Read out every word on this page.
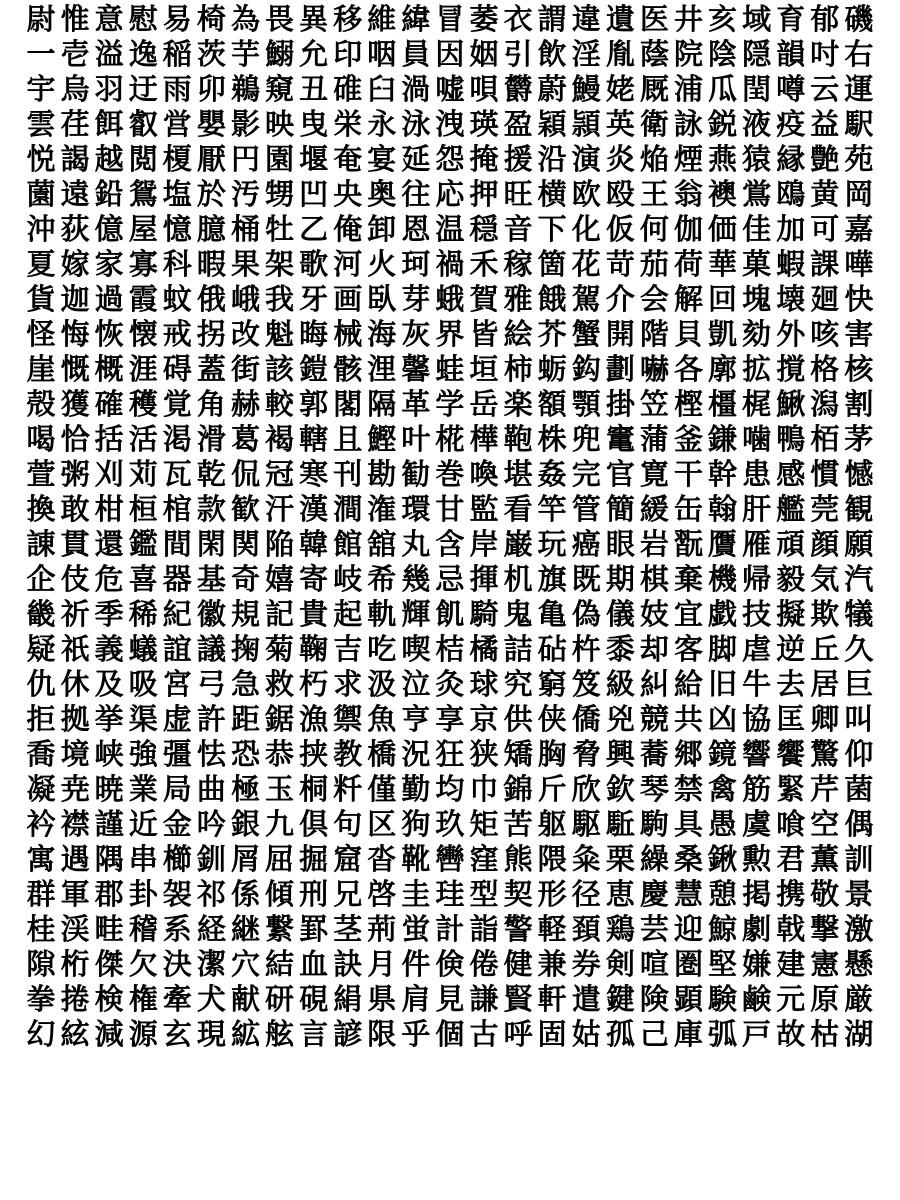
尉 惟 意 慰 易 椅 為 畏 異 移 維 緯 冒 萎 衣 謂 違 遺 医 井 亥 域 育 郁 磯
一 壱 溢 逸 稲 茨 芋 鰯 允 印 咽 員 因 姻 引 飲 淫 胤 蔭 院 陰 隠 韻 吋 右
宇 烏 羽 迂 雨 卯 鵜 窺 丑 碓 臼 渦 嘘 唄 欝 蔚 鰻 姥 厩 浦 瓜 閏 噂 云 運
雲 荏 餌 叡 営 嬰 影 映 曳 栄 永 泳 洩 瑛 盈 穎 頴 英 衛 詠 鋭 液 疫 益 駅
悦 謁 越 閲 榎 厭 円 園 堰 奄 宴 延 怨 掩 援 沿 演 炎 焔 煙 燕 猿 縁 艶 苑
薗 遠 鉛 鴛 塩 於 汚 甥 凹 央 奥 往 応 押 旺 横 欧 殴 王 翁 襖 鴬 鴎 黄 岡
沖 荻 億 屋 憶 臆 桶 牡 乙 俺 卸 恩 温 穏 音 下 化 仮 何 伽 価 佳 加 可 嘉
夏 嫁 家 寡 科 暇 果 架 歌 河 火 珂 禍 禾 稼 箇 花 苛 茄 荷 華 菓 蝦 課 嘩
貨 迦 過 霞 蚊 俄 峨 我 牙 画 臥 芽 蛾 賀 雅 餓 駕 介 会 解 回 塊 壊 廻 快
怪 悔 恢 懐 戒 拐 改 魁 晦 械 海 灰 界 皆 絵 芥 蟹 開 階 貝 凱 劾 外 咳 害
崖 慨 概 涯 碍 蓋 街 該 鎧 骸 浬 馨 蛙 垣 柿 蛎 鈎 劃 嚇 各 廓 拡 撹 格 核
殻 獲 確 穫 覚 角 赫 較 郭 閣 隔 革 学 岳 楽 額 顎 掛 笠 樫 橿 梶 鰍 潟 割
喝 恰 括 活 渇 滑 葛 褐 轄 且 鰹 叶 椛 樺 鞄 株 兜 竃 蒲 釜 鎌 噛 鴨 栢 茅
萱 粥 刈 苅 瓦 乾 侃 冠 寒 刊 勘 勧 巻 喚 堪 姦 完 官 寛 干 幹 患 感 慣 憾
換 敢 柑 桓 棺 款 歓 汗 漢 澗 潅 環 甘 監 看 竿 管 簡 緩 缶 翰 肝 艦 莞 観
諌 貫 還 鑑 間 閑 関 陥 韓 館 舘 丸 含 岸 巌 玩 癌 眼 岩 翫 贋 雁 頑 顔 願
企 伎 危 喜 器 基 奇 嬉 寄 岐 希 幾 忌 揮 机 旗 既 期 棋 棄 機 帰 毅 気 汽
畿 祈 季 稀 紀 徽 規 記 貴 起 軌 輝 飢 騎 鬼 亀 偽 儀 妓 宜 戯 技 擬 欺 犠
疑 祇 義 蟻 誼 議 掬 菊 鞠 吉 吃 喫 桔 橘 詰 砧 杵 黍 却 客 脚 虐 逆 丘 久
仇 休 及 吸 宮 弓 急 救 朽 求 汲 泣 灸 球 究 窮 笈 級 糾 給 旧 牛 去 居 巨
拒 拠 挙 渠 虚 許 距 鋸 漁 禦 魚 亨 享 京 供 侠 僑 兇 競 共 凶 協 匡 卿 叫
喬 境 峡 強 彊 怯 恐 恭 挟 教 橋 況 狂 狭 矯 胸 脅 興 蕎 郷 鏡 響 饗 驚 仰
凝 尭 暁 業 局 曲 極 玉 桐 粁 僅 勤 均 巾 錦 斤 欣 欽 琴 禁 禽 筋 緊 芹 菌
衿 襟 謹 近 金 吟 銀 九 倶 句 区 狗 玖 矩 苦 躯 駆 駈 駒 具 愚 虞 喰 空 偶
寓 遇 隅 串 櫛 釧 屑 屈 掘 窟 沓 靴 轡 窪 熊 隈 粂 栗 繰 桑 鍬 勲 君 薫 訓
群 軍 郡 卦 袈 祁 係 傾 刑 兄 啓 圭 珪 型 契 形 径 恵 慶 慧 憩 掲 携 敬 景
桂 渓 畦 稽 系 経 継 繋 罫 茎 荊 蛍 計 詣 警 軽 頚 鶏 芸 迎 鯨 劇 戟 撃 激
隙 桁 傑 欠 決 潔 穴 結 血 訣 月 件 倹 倦 健 兼 券 剣 喧 圏 堅 嫌 建 憲 懸
拳 捲 検 権 牽 犬 献 研 硯 絹 県 肩 見 謙 賢 軒 遣 鍵 険 顕 験 鹸 元 原 厳
幻 絃 減 源 玄 現 絋 舷 言 諺 限 乎 個 古 呼 固 姑 孤 己 庫 弧 戸 故 枯 湖
